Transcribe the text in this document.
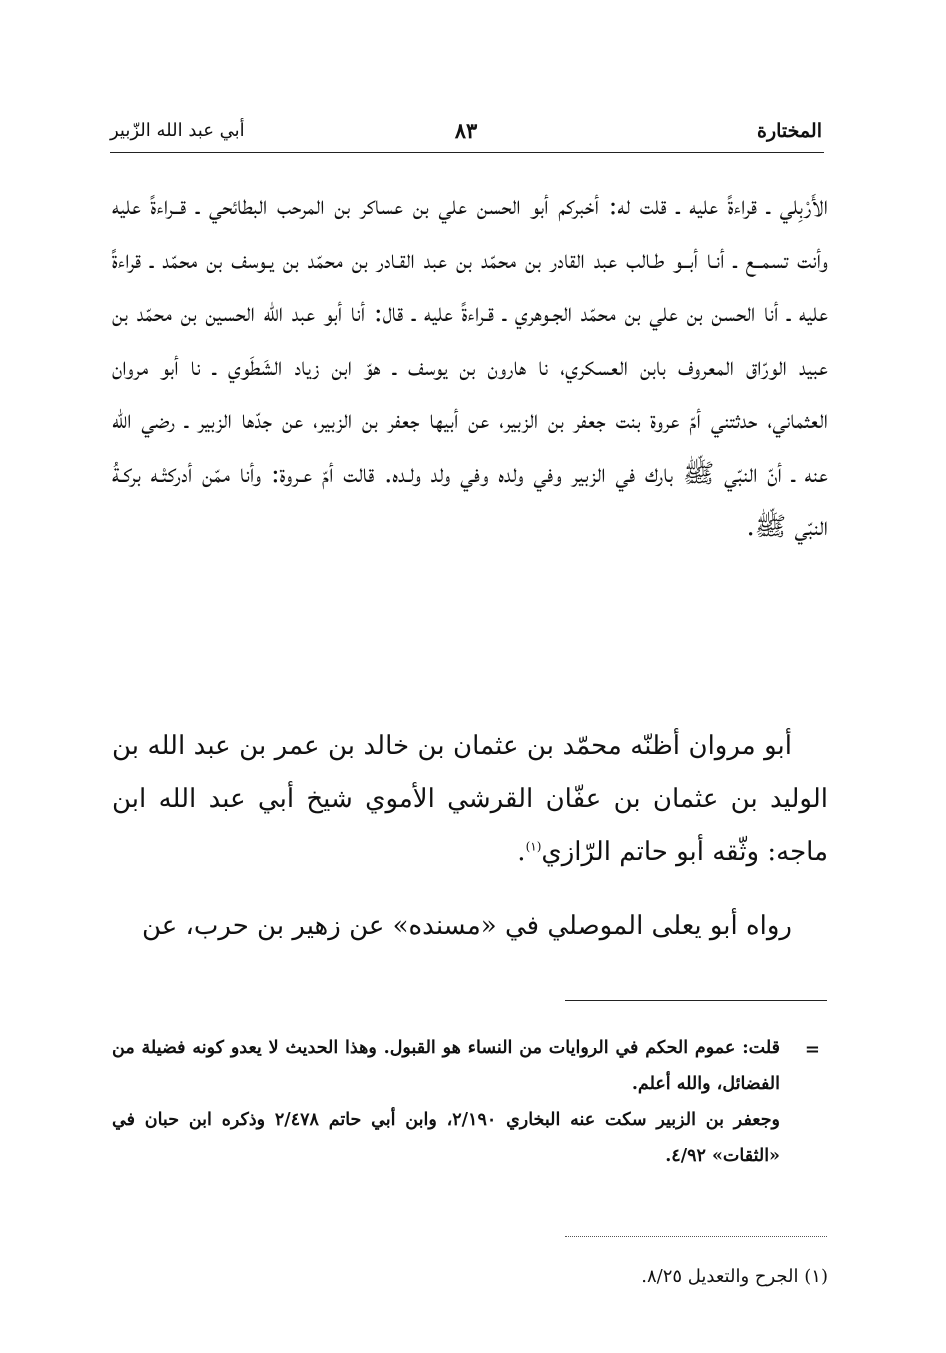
المختارة
٨٣
أبي عبد الله الزّبير

الأَرْبِلي ـ قراءةً عليه ـ قلت له: أخبركم أبو الحسن علي بن عساكر بن المرحب البطائحي ـ قــراءةً عليه وأنت تسمــع ـ أنـا أبــو طـالب عبد القادر بن محمّد بن عبد القـادر بن محمّد بن يـوسف بن محمّد ـ قراءةً عليه ـ أنا الحسن بن علي بن محمّد الجـوهري ـ قـراءةً عليه ـ قال: أنا أبو عبد الله الحسين بن محمّد بن عبيد الورّاق المعروف بابن العسكري، نا هارون بن يوسف ـ هوّ ابن زياد الشَطَوي ـ نا أبو مروان العثماني، حدثتني أمّ عروة بنت جعفر بن الزبير، عن أبيها جعفر بن الزبير، عن جدّها الزبير ـ رضي الله عنه ـ أنّ النبّي ﷺ بارك في الزبير وفي ولده وفي ولد ولـده. قالت أمّ عـروة: وأنا ممّن أدركتْـه بركـةُ النبّي ﷺ.

أبو مروان أظنّه محمّد بن عثمان بن خالد بن عمر بن عبد الله بن الوليد بن عثمان بن عفّان القرشي الأموي شيخ أبي عبد الله ابن ماجه: وثّقه أبو حاتم الرّازي$^{(١)}$.

رواه أبو يعلى الموصلي في «مسنده» عن زهير بن حرب، عن

=
قلت: عموم الحكم في الروايات من النساء هو القبول. وهذا الحديث لا يعدو كونه فضيلة من الفضائل، والله أعلم.
وجعفر بن الزبير سكت عنه البخاري ٢/١٩٠، وابن أبي حاتم ٢/٤٧٨ وذكره ابن حبان في «الثقات» ٤/٩٢.
(١) الجرح والتعديل ٨/٢٥.
